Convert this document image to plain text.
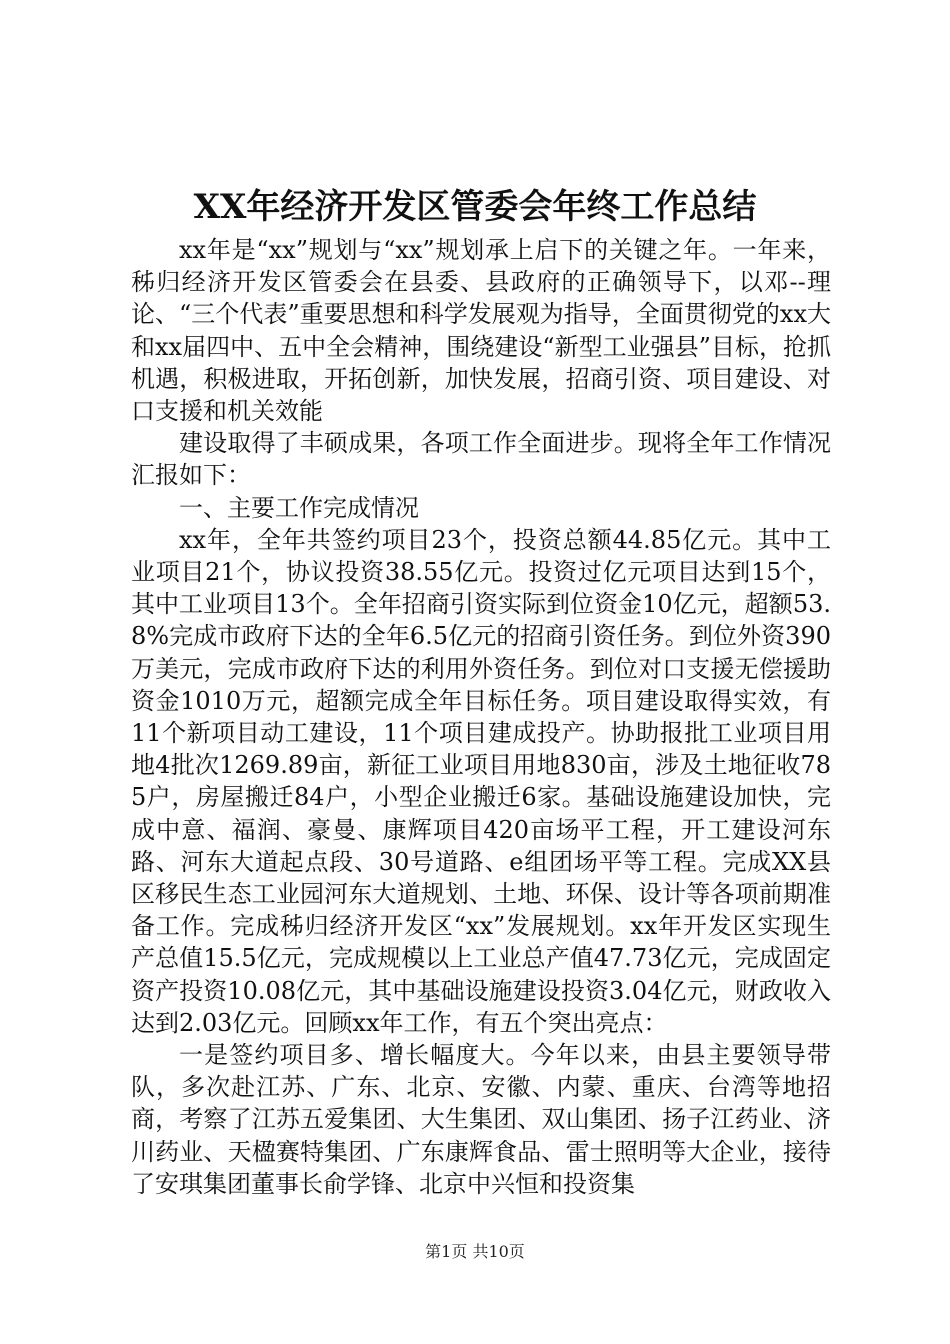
XX年经济开发区管委会年终工作总结

xx年是“xx”规划与“xx”规划承上启下的关键之年。一年来，秭归经济开发区管委会在县委、县政府的正确领导下，以邓--理论、“三个代表”重要思想和科学发展观为指导，全面贯彻党的xx大和xx届四中、五中全会精神，围绕建设“新型工业强县”目标，抢抓机遇，积极进取，开拓创新，加快发展，招商引资、项目建设、对口支援和机关效能

建设取得了丰硕成果，各项工作全面进步。现将全年工作情况汇报如下：

一、主要工作完成情况

xx年，全年共签约项目23个，投资总额44.85亿元。其中工业项目21个，协议投资38.55亿元。投资过亿元项目达到15个，其中工业项目13个。全年招商引资实际到位资金10亿元，超额53.8%完成市政府下达的全年6.5亿元的招商引资任务。到位外资390万美元，完成市政府下达的利用外资任务。到位对口支援无偿援助资金1010万元，超额完成全年目标任务。项目建设取得实效，有11个新项目动工建设，11个项目建成投产。协助报批工业项目用地4批次1269.89亩，新征工业项目用地830亩，涉及土地征收785户，房屋搬迁84户，小型企业搬迁6家。基础设施建设加快，完成中意、福润、豪曼、康辉项目420亩场平工程，开工建设河东路、河东大道起点段、30号道路、e组团场平等工程。完成XX县区移民生态工业园河东大道规划、土地、环保、设计等各项前期准备工作。完成秭归经济开发区“xx”发展规划。xx年开发区实现生产总值15.5亿元，完成规模以上工业总产值47.73亿元，完成固定资产投资10.08亿元，其中基础设施建设投资3.04亿元，财政收入达到2.03亿元。回顾xx年工作，有五个突出亮点：

一是签约项目多、增长幅度大。今年以来，由县主要领导带队，多次赴江苏、广东、北京、安徽、内蒙、重庆、台湾等地招商，考察了江苏五爱集团、大生集团、双山集团、扬子江药业、济川药业、天楹赛特集团、广东康辉食品、雷士照明等大企业，接待了安琪集团董事长俞学锋、北京中兴恒和投资集

第1页 共10页
